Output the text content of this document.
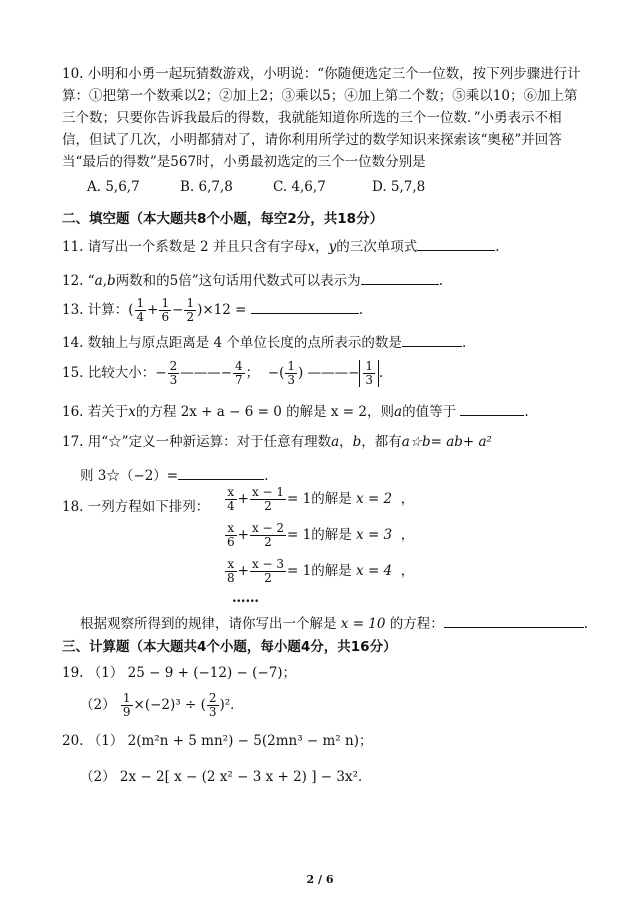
10. 小明和小勇一起玩猜数游戏，小明说：“你随便选定三个一位数，按下列步骤进行计算：①把第一个数乘以2；②加上2；③乘以5；④加上第二个数；⑤乘以10；⑥加上第三个数；只要你告诉我最后的得数，我就能知道你所选的三个一位数．”小勇表示不相信，但试了几次，小明都猜对了，请你利用所学过的数学知识来探索该“奥秘”并回答当“最后的得数”是567时，小勇最初选定的三个一位数分别是
A. 5,6,7	B. 6,7,8	C. 4,6,7	D. 5,7,8
二、填空题（本大题共8个小题，每空2分，共18分）
11. 请写出一个系数是 2 并且只含有字母x，y的三次单项式	.
12. “a,b两数和的5倍”这句话用代数式可以表示为	.
13. 计算：( $\frac{1}{4} + \frac{1}{6} - \frac{1}{2} )\times 12$ =	.
14. 数轴上与原点距离是 4 个单位长度的点所表示的数是	.
15. 比较大小：− $\frac{2}{3}$ ———− $\frac{4}{7}$ ； −( $\frac{1}{3}$ ) ———− $\frac{1}{3}$ .
16. 若关于x的方程 2x + a − 6 = 0 的解是 x = 2，则a的值等于	.
17. 用“☆”定义一种新运算：对于任意有理数a，b，都有a☆b= ab+ a²
则 3☆（−2）=	.
18. 一列方程如下排列： $\frac{x}{4} + \frac{x - 1}{2} = 1$的解是 x = 2 ，
$\frac{x}{6} + \frac{x - 2}{2} = 1$的解是 x = 3 ，
$\frac{x}{8} + \frac{x - 3}{2} = 1$的解是 x = 4 ，
……
根据观察所得到的规律，请你写出一个解是 x = 10 的方程：	.
三、计算题（本大题共4个小题，每小题4分，共16分）
19. （1） 25 − 9 + (−12) − (−7)；
$(2) \frac{1}{9} \times(-2)^3$ ÷ ( $\frac{2}{3} )^2$．
20. （1） 2(m²n + 5 mn²) − 5(2mn³ − m² n)；
（2） 2x − 2[ x − (2 x² − 3 x + 2) ] − 3x²．
2 / 6
